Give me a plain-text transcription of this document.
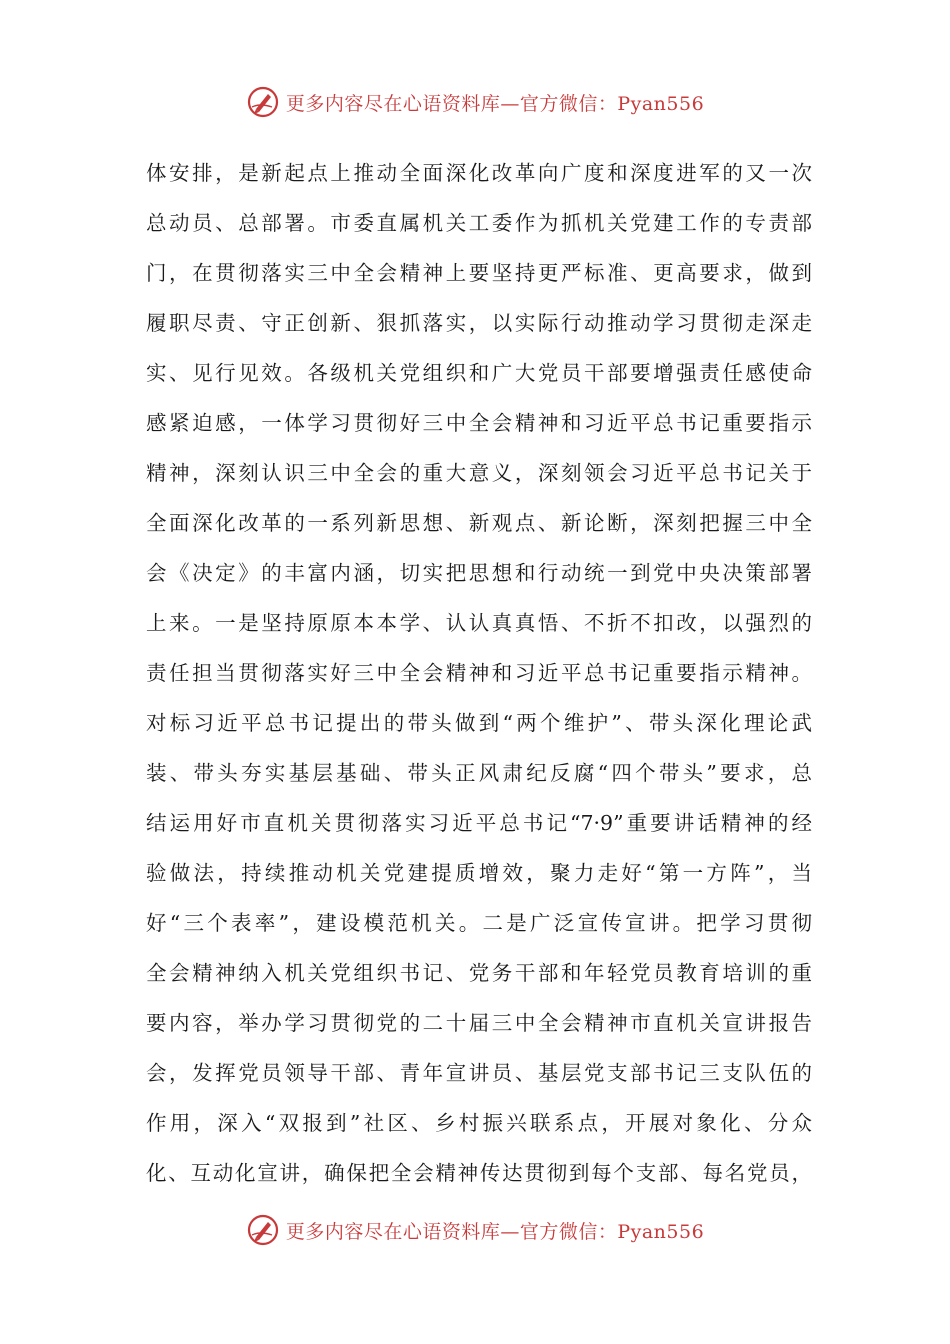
更多内容尽在心语资料库—官方微信：Pyan556
体安排，是新起点上推动全面深化改革向广度和深度进军的又一次
总动员、总部署。市委直属机关工委作为抓机关党建工作的专责部
门，在贯彻落实三中全会精神上要坚持更严标准、更高要求，做到
履职尽责、守正创新、狠抓落实，以实际行动推动学习贯彻走深走
实、见行见效。各级机关党组织和广大党员干部要增强责任感使命
感紧迫感，一体学习贯彻好三中全会精神和习近平总书记重要指示
精神，深刻认识三中全会的重大意义，深刻领会习近平总书记关于
全面深化改革的一系列新思想、新观点、新论断，深刻把握三中全
会《决定》的丰富内涵，切实把思想和行动统一到党中央决策部署
上来。一是坚持原原本本学、认认真真悟、不折不扣改，以强烈的
责任担当贯彻落实好三中全会精神和习近平总书记重要指示精神。
对标习近平总书记提出的带头做到“两个维护”、带头深化理论武
装、带头夯实基层基础、带头正风肃纪反腐“四个带头”要求，总
结运用好市直机关贯彻落实习近平总书记“7·9”重要讲话精神的经
验做法，持续推动机关党建提质增效，聚力走好“第一方阵”，当
好“三个表率”，建设模范机关。二是广泛宣传宣讲。把学习贯彻
全会精神纳入机关党组织书记、党务干部和年轻党员教育培训的重
要内容，举办学习贯彻党的二十届三中全会精神市直机关宣讲报告
会，发挥党员领导干部、青年宣讲员、基层党支部书记三支队伍的
作用，深入“双报到”社区、乡村振兴联系点，开展对象化、分众
化、互动化宣讲，确保把全会精神传达贯彻到每个支部、每名党员，
更多内容尽在心语资料库—官方微信：Pyan556
